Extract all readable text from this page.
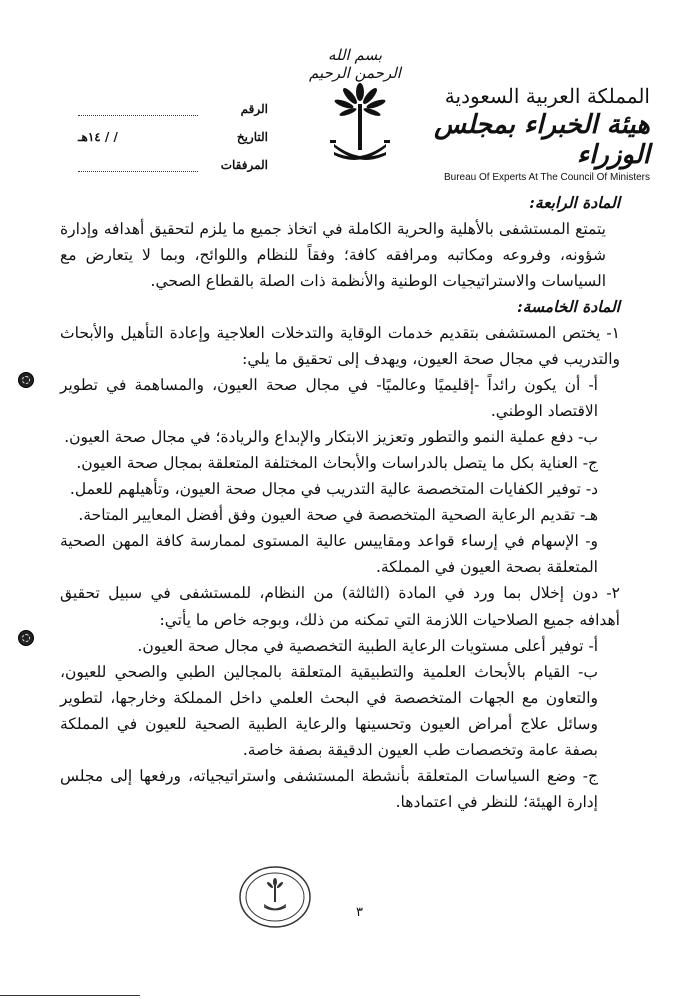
بسم الله الرحمن الرحيم
المملكة العربية السعودية
هيئة الخبراء بمجلس الوزراء
Bureau Of Experts At The Council Of Ministers
الرقم
التاريخ
/ / ١٤هـ
المرفقات

المادة الرابعة:

يتمتع المستشفى بالأهلية والحرية الكاملة في اتخاذ جميع ما يلزم لتحقيق أهدافه وإدارة شؤونه، وفروعه ومكاتبه ومرافقه كافة؛ وفقاً للنظام واللوائح، وبما لا يتعارض مع السياسات والاستراتيجيات الوطنية والأنظمة ذات الصلة بالقطاع الصحي.

المادة الخامسة:

١- يختص المستشفى بتقديم خدمات الوقاية والتدخلات العلاجية وإعادة التأهيل والأبحاث والتدريب في مجال صحة العيون، ويهدف إلى تحقيق ما يلي:

أ- أن يكون رائداً -إقليميًا وعالميًا- في مجال صحة العيون، والمساهمة في تطوير الاقتصاد الوطني.

ب- دفع عملية النمو والتطور وتعزيز الابتكار والإبداع والريادة؛ في مجال صحة العيون.

ج- العناية بكل ما يتصل بالدراسات والأبحاث المختلفة المتعلقة بمجال صحة العيون.

د- توفير الكفايات المتخصصة عالية التدريب في مجال صحة العيون، وتأهيلهم للعمل.

هـ- تقديم الرعاية الصحية المتخصصة في صحة العيون وفق أفضل المعايير المتاحة.

و- الإسهام في إرساء قواعد ومقاييس عالية المستوى لممارسة كافة المهن الصحية المتعلقة بصحة العيون في المملكة.

٢- دون إخلال بما ورد في المادة (الثالثة) من النظام، للمستشفى في سبيل تحقيق أهدافه جميع الصلاحيات اللازمة التي تمكنه من ذلك، وبوجه خاص ما يأتي:

أ- توفير أعلى مستويات الرعاية الطبية التخصصية في مجال صحة العيون.

ب- القيام بالأبحاث العلمية والتطبيقية المتعلقة بالمجالين الطبي والصحي للعيون، والتعاون مع الجهات المتخصصة في البحث العلمي داخل المملكة وخارجها، لتطوير وسائل علاج أمراض العيون وتحسينها والرعاية الطبية الصحية للعيون في المملكة بصفة عامة وتخصصات طب العيون الدقيقة بصفة خاصة.

ج- وضع السياسات المتعلقة بأنشطة المستشفى واستراتيجياته، ورفعها إلى مجلس إدارة الهيئة؛ للنظر في اعتمادها.

٣
